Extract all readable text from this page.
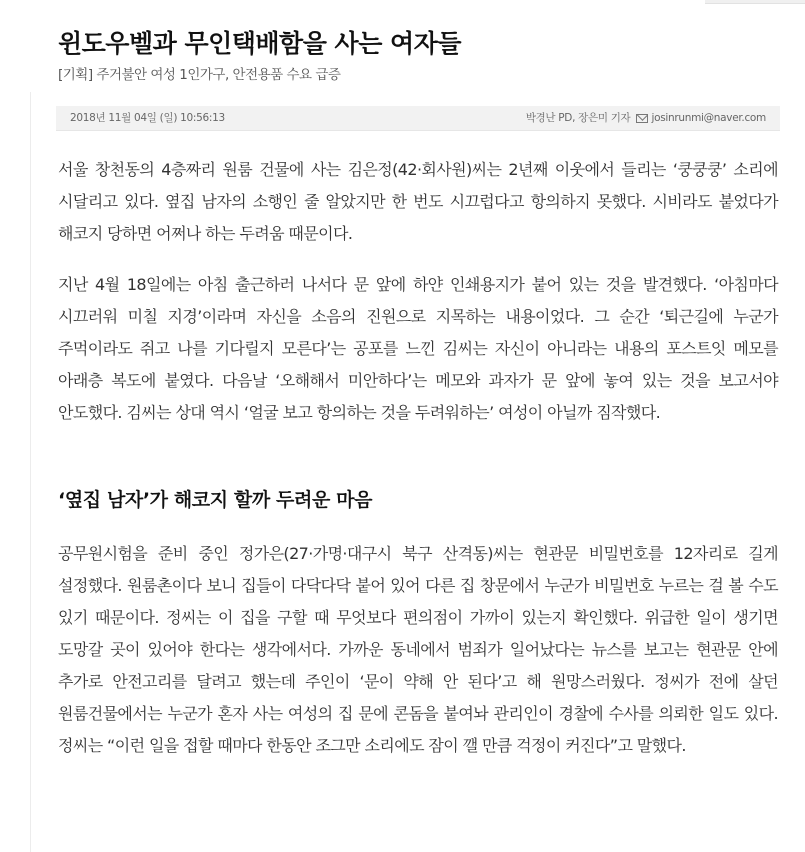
윈도우벨과 무인택배함을 사는 여자들

[기획] 주거불안 여성 1인가구, 안전용품 수요 급증

2018년 11월 04일 (일) 10:56:13	박경난 PD, 장은미 기자 josinrunmi@naver.com

서울 창천동의 4층짜리 원룸 건물에 사는 김은정(42·회사원)씨는 2년째 이웃에서 들리는 ‘쿵쿵쿵’ 소리에 시달리고 있다. 옆집 남자의 소행인 줄 알았지만 한 번도 시끄럽다고 항의하지 못했다. 시비라도 붙었다가 해코지 당하면 어쩌나 하는 두려움 때문이다.

지난 4월 18일에는 아침 출근하러 나서다 문 앞에 하얀 인쇄용지가 붙어 있는 것을 발견했다. ‘아침마다 시끄러워 미칠 지경’이라며 자신을 소음의 진원으로 지목하는 내용이었다. 그 순간 ‘퇴근길에 누군가 주먹이라도 쥐고 나를 기다릴지 모른다’는 공포를 느낀 김씨는 자신이 아니라는 내용의 포스트잇 메모를 아래층 복도에 붙였다. 다음날 ‘오해해서 미안하다’는 메모와 과자가 문 앞에 놓여 있는 것을 보고서야 안도했다. 김씨는 상대 역시 ‘얼굴 보고 항의하는 것을 두려워하는’ 여성이 아닐까 짐작했다.

‘옆집 남자’가 해코지 할까 두려운 마음

공무원시험을 준비 중인 정가은(27·가명·대구시 북구 산격동)씨는 현관문 비밀번호를 12자리로 길게 설정했다. 원룸촌이다 보니 집들이 다닥다닥 붙어 있어 다른 집 창문에서 누군가 비밀번호 누르는 걸 볼 수도 있기 때문이다. 정씨는 이 집을 구할 때 무엇보다 편의점이 가까이 있는지 확인했다. 위급한 일이 생기면 도망갈 곳이 있어야 한다는 생각에서다. 가까운 동네에서 범죄가 일어났다는 뉴스를 보고는 현관문 안에 추가로 안전고리를 달려고 했는데 주인이 ‘문이 약해 안 된다’고 해 원망스러웠다. 정씨가 전에 살던 원룸건물에서는 누군가 혼자 사는 여성의 집 문에 콘돔을 붙여놔 관리인이 경찰에 수사를 의뢰한 일도 있다. 정씨는 “이런 일을 접할 때마다 한동안 조그만 소리에도 잠이 깰 만큼 걱정이 커진다”고 말했다.
